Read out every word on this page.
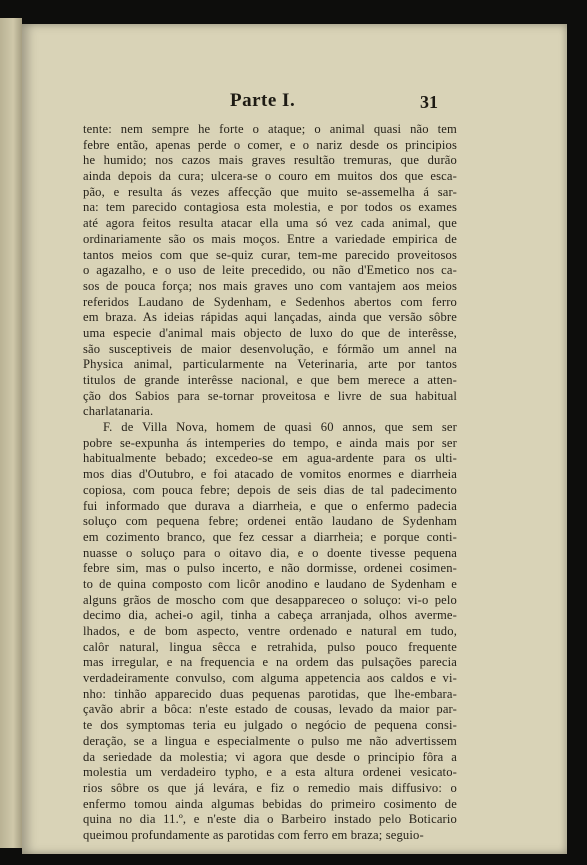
Parte I.	31
tente: nem sempre he forte o ataque; o animal quasi não tem
febre então, apenas perde o comer, e o nariz desde os principios
he humido; nos cazos mais graves resultão tremuras, que durão
ainda depois da cura; ulcera-se o couro em muitos dos que esca-
pão, e resulta ás vezes affecção que muito se-assemelha á sar-
na: tem parecido contagiosa esta molestia, e por todos os exames
até agora feitos resulta atacar ella uma só vez cada animal, que
ordinariamente são os mais moços. Entre a variedade empirica de
tantos meios com que se-quiz curar, tem-me parecido proveitosos
o agazalho, e o uso de leite precedido, ou não d'Emetico nos ca-
sos de pouca força; nos mais graves uno com vantajem aos meios
referidos Laudano de Sydenham, e Sedenhos abertos com ferro
em braza. As ideias rápidas aqui lançadas, ainda que versão sôbre
uma especie d'animal mais objecto de luxo do que de interêsse,
são susceptiveis de maior desenvolução, e fórmão um annel na
Physica animal, particularmente na Veterinaria, arte por tantos
titulos de grande interêsse nacional, e que bem merece a atten-
ção dos Sabios para se-tornar proveitosa e livre de sua habitual
charlatanaria.
F. de Villa Nova, homem de quasi 60 annos, que sem ser
pobre se-expunha ás intemperies do tempo, e ainda mais por ser
habitualmente bebado; excedeo-se em agua-ardente para os ulti-
mos dias d'Outubro, e foi atacado de vomitos enormes e diarrheia
copiosa, com pouca febre; depois de seis dias de tal padecimento
fui informado que durava a diarrheia, e que o enfermo padecia
soluço com pequena febre; ordenei então laudano de Sydenham
em cozimento branco, que fez cessar a diarrheia; e porque conti-
nuasse o soluço para o oitavo dia, e o doente tivesse pequena
febre sim, mas o pulso incerto, e não dormisse, ordenei cosimen-
to de quina composto com licôr anodino e laudano de Sydenham e
alguns grãos de moscho com que desappareceo o soluço: vi-o pelo
decimo dia, achei-o agil, tinha a cabeça arranjada, olhos averme-
lhados, e de bom aspecto, ventre ordenado e natural em tudo,
calôr natural, lingua sêcca e retrahida, pulso pouco frequente
mas irregular, e na frequencia e na ordem das pulsações parecia
verdadeiramente convulso, com alguma appetencia aos caldos e vi-
nho: tinhão apparecido duas pequenas parotidas, que lhe-embara-
çavão abrir a bôca: n'este estado de cousas, levado da maior par-
te dos symptomas teria eu julgado o negócio de pequena consi-
deração, se a lingua e especialmente o pulso me não advertissem
da seriedade da molestia; vi agora que desde o principio fôra a
molestia um verdadeiro typho, e a esta altura ordenei vesicato-
rios sôbre os que já levára, e fiz o remedio mais diffusivo: o
enfermo tomou ainda algumas bebidas do primeiro cosimento de
quina no dia 11.º, e n'este dia o Barbeiro instado pelo Boticario
queimou profundamente as parotidas com ferro em braza; seguio-
